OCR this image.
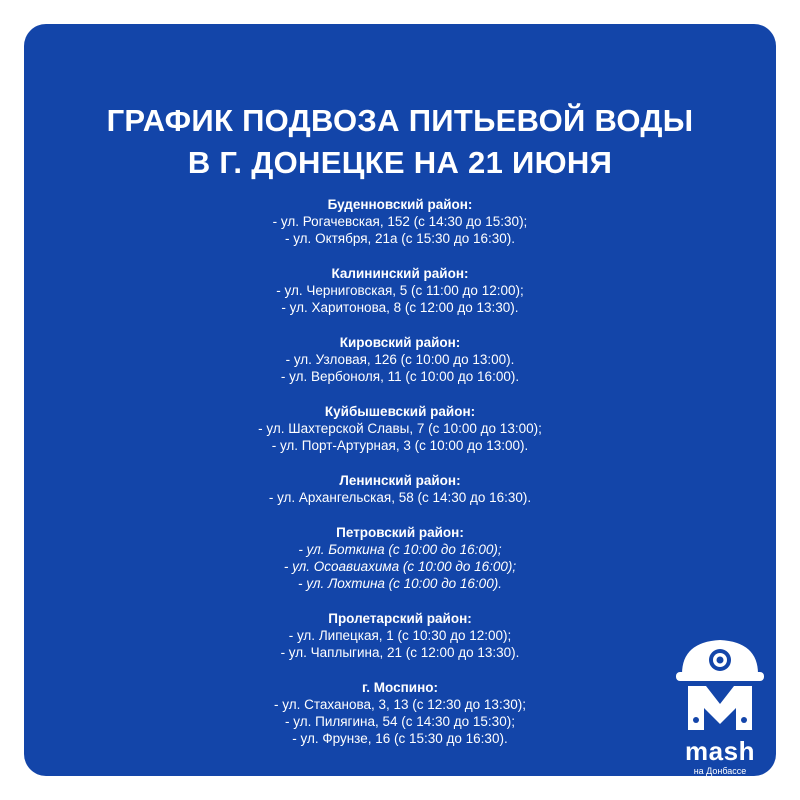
ГРАФИК ПОДВОЗА ПИТЬЕВОЙ ВОДЫ
В Г. ДОНЕЦКЕ НА 21 ИЮНЯ
Буденновский район:
- ул. Рогачевская, 152 (с 14:30 до 15:30);
- ул. Октября, 21а (с 15:30 до 16:30).
Калининский район:
- ул. Черниговская, 5 (с 11:00 до 12:00);
- ул. Харитонова, 8 (с 12:00 до 13:30).
Кировский район:
- ул. Узловая, 126 (с 10:00 до 13:00).
- ул. Вербоноля, 11 (с 10:00 до 16:00).
Куйбышевский район:
- ул. Шахтерской Славы, 7 (с 10:00 до 13:00);
- ул. Порт-Артурная, 3 (с 10:00 до 13:00).
Ленинский район:
- ул. Архангельская, 58 (с 14:30 до 16:30).
Петровский район:
- ул. Боткина (с 10:00 до 16:00);
- ул. Осоавиахима (с 10:00 до 16:00);
- ул. Лохтина (с 10:00 до 16:00).
Пролетарский район:
- ул. Липецкая, 1 (с 10:30 до 12:00);
- ул. Чаплыгина, 21 (с 12:00 до 13:30).
г. Моспино:
- ул. Стаханова, 3, 13 (с 12:30 до 13:30);
- ул. Пилягина, 54 (с 14:30 до 15:30);
- ул. Фрунзе, 16 (с 15:30 до 16:30).	mash
на Донбассе
